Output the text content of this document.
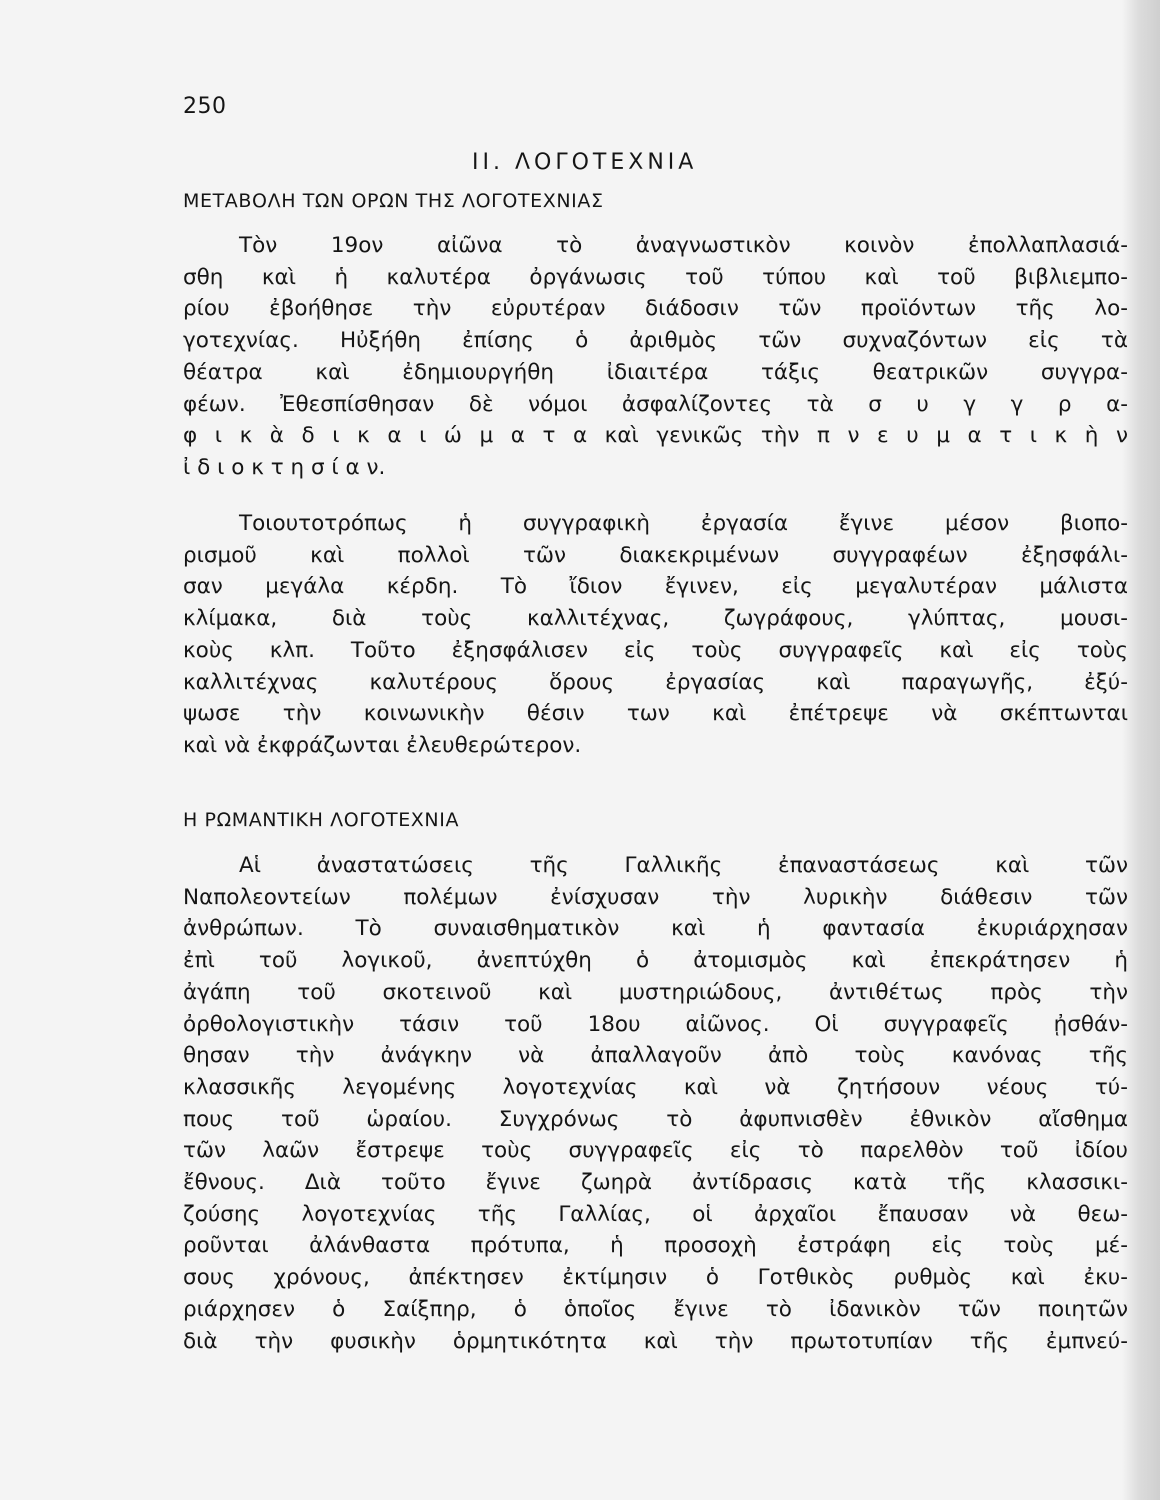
250
II. ΛΟΓΟΤΕΧΝΙΑ
ΜΕΤΑΒΟΛΗ ΤΩΝ ΟΡΩΝ ΤΗΣ ΛΟΓΟΤΕΧΝΙΑΣ
Τὸν 19ον αἰῶνα τὸ ἀναγνωστικὸν κοινὸν ἐπολλαπλασιά-
σθη καὶ ἡ καλυτέρα ὀργάνωσις τοῦ τύπου καὶ τοῦ βιβλιεμπο-
ρίου ἐβοήθησε τὴν εὐρυτέραν διάδοσιν τῶν προϊόντων τῆς λο-
γοτεχνίας. Ηὐξήθη ἐπίσης ὁ ἀριθμὸς τῶν συχναζόντων εἰς τὰ
θέατρα καὶ ἐδημιουργήθη ἰδιαιτέρα τάξις θεατρικῶν συγγρα-
φέων. Ἐθεσπίσθησαν δὲ νόμοι ἀσφαλίζοντες τὰ σ υ γ γ ρ α-
φ ι κ ὰ δ ι κ α ι ώ μ α τ α καὶ γενικῶς τὴν π ν ε υ μ α τ ι κ ὴ ν
ἰ δ ι ο κ τ η σ ί α ν.
Τοιουτοτρόπως ἡ συγγραφικὴ ἐργασία ἔγινε μέσον βιοπο-
ρισμοῦ καὶ πολλοὶ τῶν διακεκριμένων συγγραφέων ἐξησφάλι-
σαν μεγάλα κέρδη. Τὸ ἴδιον ἔγινεν, εἰς μεγαλυτέραν μάλιστα
κλίμακα, διὰ τοὺς καλλιτέχνας, ζωγράφους, γλύπτας, μουσι-
κοὺς κλπ. Τοῦτο ἐξησφάλισεν εἰς τοὺς συγγραφεῖς καὶ εἰς τοὺς
καλλιτέχνας καλυτέρους ὅρους ἐργασίας καὶ παραγωγῆς, ἐξύ-
ψωσε τὴν κοινωνικὴν θέσιν των καὶ ἐπέτρεψε νὰ σκέπτωνται
καὶ νὰ ἐκφράζωνται ἐλευθερώτερον.
Η ΡΩΜΑΝΤΙΚΗ ΛΟΓΟΤΕΧΝΙΑ
Αἱ ἀναστατώσεις τῆς Γαλλικῆς ἐπαναστάσεως καὶ τῶν
Ναπολεοντείων πολέμων ἐνίσχυσαν τὴν λυρικὴν διάθεσιν τῶν
ἀνθρώπων. Τὸ συναισθηματικὸν καὶ ἡ φαντασία ἐκυριάρχησαν
ἐπὶ τοῦ λογικοῦ, ἀνεπτύχθη ὁ ἀτομισμὸς καὶ ἐπεκράτησεν ἡ
ἀγάπη τοῦ σκοτεινοῦ καὶ μυστηριώδους, ἀντιθέτως πρὸς τὴν
ὀρθολογιστικὴν τάσιν τοῦ 18ου αἰῶνος. Οἱ συγγραφεῖς ᾐσθάν-
θησαν τὴν ἀνάγκην νὰ ἀπαλλαγοῦν ἀπὸ τοὺς κανόνας τῆς
κλασσικῆς λεγομένης λογοτεχνίας καὶ νὰ ζητήσουν νέους τύ-
πους τοῦ ὡραίου. Συγχρόνως τὸ ἀφυπνισθὲν ἐθνικὸν αἴσθημα
τῶν λαῶν ἔστρεψε τοὺς συγγραφεῖς εἰς τὸ παρελθὸν τοῦ ἰδίου
ἔθνους. Διὰ τοῦτο ἔγινε ζωηρὰ ἀντίδρασις κατὰ τῆς κλασσικι-
ζούσης λογοτεχνίας τῆς Γαλλίας, οἱ ἀρχαῖοι ἔπαυσαν νὰ θεω-
ροῦνται ἀλάνθαστα πρότυπα, ἡ προσοχὴ ἐστράφη εἰς τοὺς μέ-
σους χρόνους, ἀπέκτησεν ἐκτίμησιν ὁ Γοτθικὸς ρυθμὸς καὶ ἐκυ-
ριάρχησεν ὁ Σαίξπηρ, ὁ ὁποῖος ἔγινε τὸ ἰδανικὸν τῶν ποιητῶν
διὰ τὴν φυσικὴν ὁρμητικότητα καὶ τὴν πρωτοτυπίαν τῆς ἐμπνεύ-
